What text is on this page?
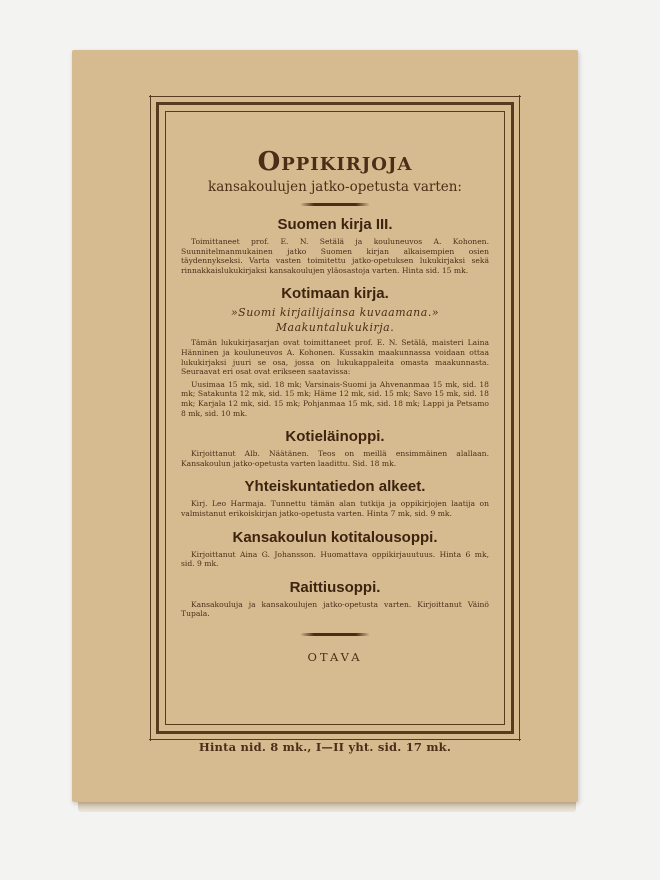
Oppikirjoja
kansakoulujen jatko-opetusta varten:
Suomen kirja III.

Toimittaneet prof. E. N. Setälä ja kouluneuvos A. Kohonen. Suunnitelmanmukainen jatko Suomen kirjan alkaisempien osien täydennykseksi. Varta vasten toimitettu jatko-opetuksen lukukirjaksi sekä rinnakkaislukukirjaksi kansakoulujen yläosastoja varten. Hinta sid. 15 mk.

Kotimaan kirja.

»Suomi kirjailijainsa kuvaamana.»

Maakuntalukukirja.

Tämän lukukirjasarjan ovat toimittaneet prof. E. N. Setälä, maisteri Laina Hänninen ja kouluneuvos A. Kohonen. Kussakin maakunnassa voidaan ottaa lukukirjaksi juuri se osa, jossa on lukukappaleita omasta maakunnasta. Seuraavat eri osat ovat erikseen saatavissa:

Uusimaa 15 mk, sid. 18 mk; Varsinais-Suomi ja Ahvenanmaa 15 mk, sid. 18 mk; Satakunta 12 mk, sid. 15 mk; Häme 12 mk, sid. 15 mk; Savo 15 mk, sid. 18 mk; Karjala 12 mk, sid. 15 mk; Pohjanmaa 15 mk, sid. 18 mk; Lappi ja Petsamo 8 mk, sid. 10 mk.

Kotieläinoppi.

Kirjoittanut Alb. Näätänen. Teos on meillä ensimmäinen alallaan. Kansakoulun jatko-opetusta varten laadittu. Sid. 18 mk.

Yhteiskuntatiedon alkeet.

Kirj. Leo Harmaja. Tunnettu tämän alan tutkija ja oppikirjojen laatija on valmistanut erikoiskirjan jatko-opetusta varten. Hinta 7 mk, sid. 9 mk.

Kansakoulun kotitalousoppi.

Kirjoittanut Aina G. Johansson. Huomattava oppikirjauutuus. Hinta 6 mk, sid. 9 mk.

Raittiusoppi.

Kansakouluja ja kansakoulujen jatko-opetusta varten. Kirjoittanut Väinö Tupala.

OTAVA
Hinta nid. 8 mk., I—II yht. sid. 17 mk.
